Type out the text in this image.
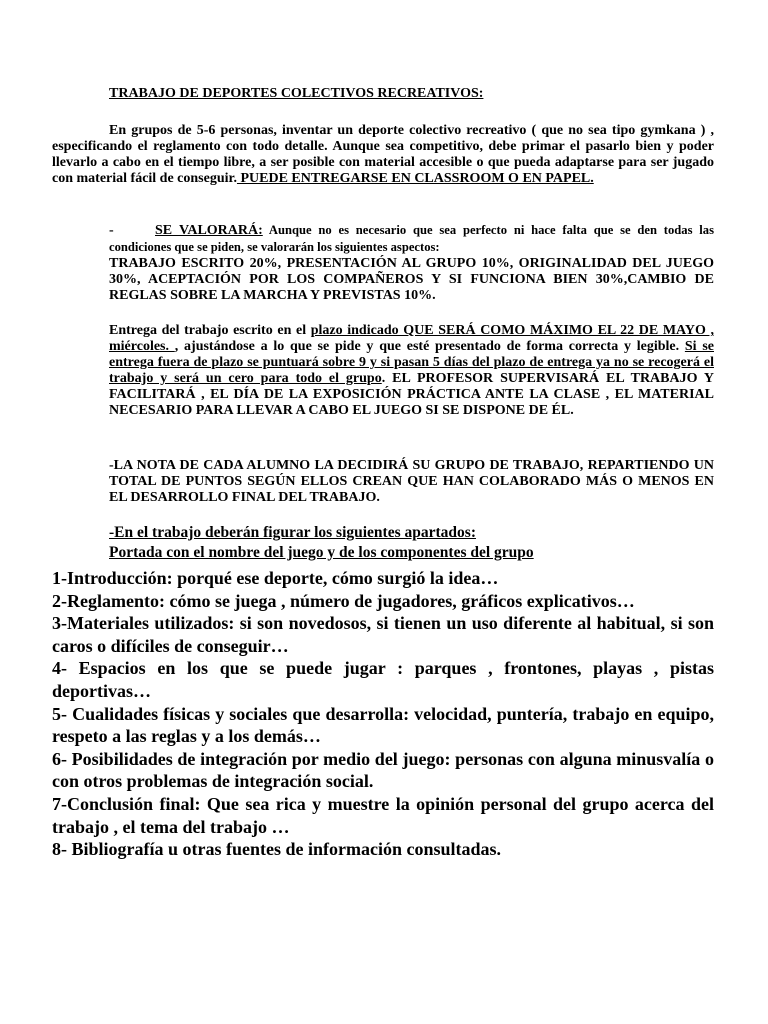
TRABAJO DE DEPORTES COLECTIVOS RECREATIVOS:
En grupos de 5-6 personas, inventar un deporte colectivo recreativo ( que no sea tipo gymkana ) , especificando el reglamento con todo detalle. Aunque sea competitivo, debe primar el pasarlo bien y poder llevarlo a cabo en el tiempo libre, a ser posible con material accesible o que pueda adaptarse para ser jugado con material fácil de conseguir. PUEDE ENTREGARSE EN CLASSROOM O EN PAPEL.
-	SE VALORARÁ: Aunque no es necesario que sea perfecto ni hace falta que se den todas las condiciones que se piden, se valorarán los siguientes aspectos:
TRABAJO ESCRITO 20%, PRESENTACIÓN AL GRUPO 10%, ORIGINALIDAD DEL JUEGO 30%, ACEPTACIÓN POR LOS COMPAÑEROS Y SI FUNCIONA BIEN 30%,CAMBIO DE REGLAS SOBRE LA MARCHA Y PREVISTAS 10%.
Entrega del trabajo escrito en el plazo indicado QUE SERÁ COMO MÁXIMO EL 22 DE MAYO , miércoles. , ajustándose a lo que se pide y que esté presentado de forma correcta y legible. Si se entrega fuera de plazo se puntuará sobre 9 y si pasan 5 días del plazo de entrega ya no se recogerá el trabajo y será un cero para todo el grupo. EL PROFESOR SUPERVISARÁ EL TRABAJO Y FACILITARÁ , EL DÍA DE LA EXPOSICIÓN PRÁCTICA ANTE LA CLASE , EL MATERIAL NECESARIO PARA LLEVAR A CABO EL JUEGO SI SE DISPONE DE ÉL.
-LA NOTA DE CADA ALUMNO LA DECIDIRÁ SU GRUPO DE TRABAJO, REPARTIENDO UN TOTAL DE PUNTOS SEGÚN ELLOS CREAN QUE HAN COLABORADO MÁS O MENOS EN EL DESARROLLO FINAL DEL TRABAJO.
-En el trabajo deberán figurar los siguientes apartados:
Portada con el nombre del juego y de los componentes del grupo
1-Introducción: porqué ese deporte, cómo surgió la idea…
2-Reglamento: cómo se juega , número de jugadores, gráficos explicativos…
3-Materiales utilizados: si son novedosos, si tienen un uso diferente al habitual, si son caros o difíciles de conseguir…
4- Espacios en los que se puede jugar : parques , frontones, playas , pistas deportivas…
5- Cualidades físicas y sociales que desarrolla: velocidad, puntería, trabajo en equipo, respeto a las reglas y a los demás…
6- Posibilidades de integración por medio del juego: personas con alguna minusvalía o con otros problemas de integración social.
7-Conclusión final: Que sea rica y muestre la opinión personal del grupo acerca del trabajo , el tema del trabajo …
8- Bibliografía u otras fuentes de información consultadas.
